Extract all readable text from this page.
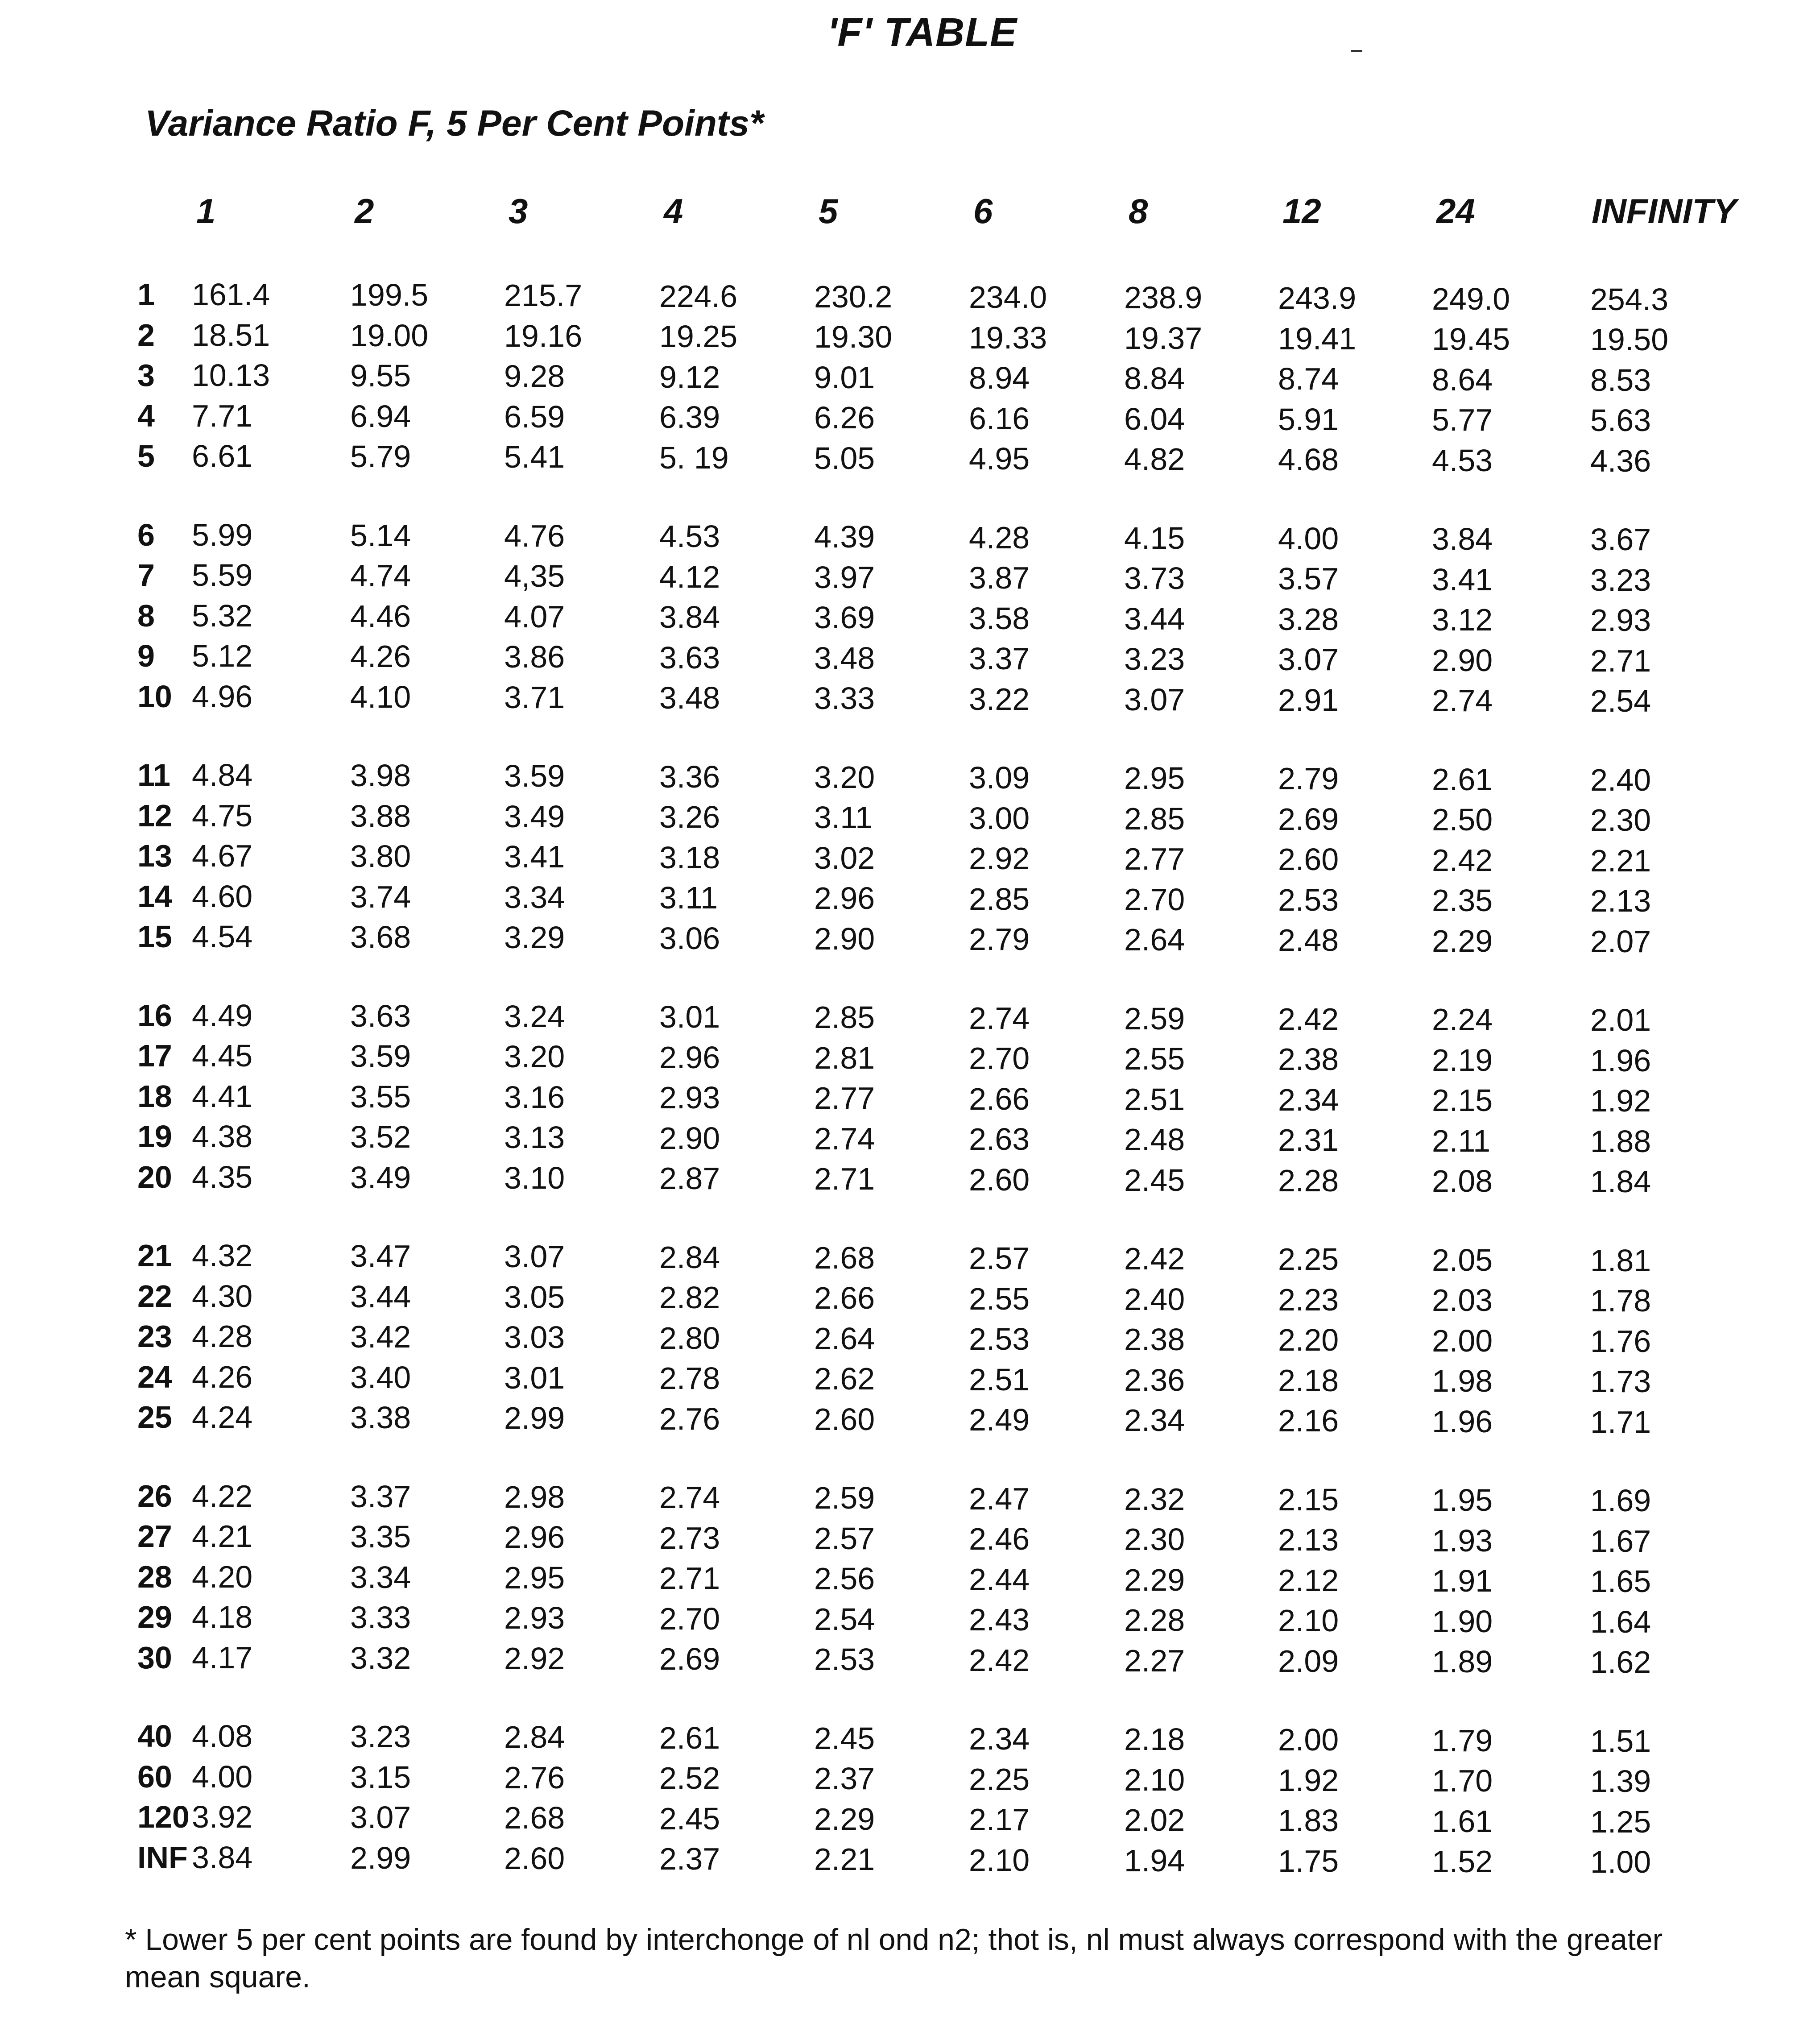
'F' TABLE
Variance Ratio F, 5 Per Cent Points*
1	2	3	4	5	6	8	12	24	INFINITY
1 161.4	199.5 215.7 224.6 230.2 234.0 238.9 243.9 249.0	254.3
2 18.51	19.00 19.16 19.25 19.30 19.33 19.37 19.41 19.45	19.50
3 10.13	9.55	9.28	9.12	9.01	8.94	8.84	8.74	8.64	8.53
4 7.71	6.94	6.59	6.39	6.26	6.16	6.04	5.91	5.77	5.63
5 6.61	5.79	5.41	5. 19	5.05	4.95	4.82	4.68	4.53	4.36
6 5.99	5.14	4.76	4.53	4.39	4.28	4.15	4.00	3.84	3.67
7 5.59	4.74	4,35	4.12	3.97	3.87	3.73	3.57	3.41	3.23
8 5.32	4.46	4.07	3.84	3.69	3.58	3.44	3.28	3.12	2.93
9 5.12	4.26	3.86	3.63	3.48	3.37	3.23	3.07	2.90	2.71
10 4.96	4.10	3.71	3.48	3.33	3.22	3.07	2.91	2.74	2.54
11 4.84	3.98	3.59	3.36	3.20	3.09	2.95	2.79	2.61	2.40
12 4.75	3.88	3.49	3.26	3.11	3.00	2.85	2.69	2.50	2.30
13 4.67	3.80	3.41	3.18	3.02	2.92	2.77	2.60	2.42	2.21
14 4.60	3.74	3.34	3.11	2.96	2.85	2.70	2.53	2.35	2.13
15 4.54	3.68	3.29	3.06	2.90	2.79	2.64	2.48	2.29	2.07
16 4.49	3.63	3.24	3.01	2.85	2.74	2.59	2.42	2.24	2.01
17 4.45	3.59	3.20	2.96	2.81	2.70	2.55	2.38	2.19	1.96
18 4.41	3.55	3.16	2.93	2.77	2.66	2.51	2.34	2.15	1.92
19 4.38	3.52	3.13	2.90	2.74	2.63	2.48	2.31	2.11	1.88
20 4.35	3.49	3.10	2.87	2.71	2.60	2.45	2.28	2.08	1.84
21 4.32	3.47	3.07	2.84	2.68	2.57	2.42	2.25	2.05	1.81
22 4.30	3.44	3.05	2.82	2.66	2.55	2.40	2.23	2.03	1.78
23 4.28	3.42	3.03	2.80	2.64	2.53	2.38	2.20	2.00	1.76
24 4.26	3.40	3.01	2.78	2.62	2.51	2.36	2.18	1.98	1.73
25 4.24	3.38	2.99	2.76	2.60	2.49	2.34	2.16	1.96	1.71
26 4.22	3.37	2.98	2.74	2.59	2.47	2.32	2.15	1.95	1.69
27 4.21	3.35	2.96	2.73	2.57	2.46	2.30	2.13	1.93	1.67
28 4.20	3.34	2.95	2.71	2.56	2.44	2.29	2.12	1.91	1.65
29 4.18	3.33	2.93	2.70	2.54	2.43	2.28	2.10	1.90	1.64
30 4.17	3.32	2.92	2.69	2.53	2.42	2.27	2.09	1.89	1.62
40 4.08	3.23	2.84	2.61	2.45	2.34	2.18	2.00	1.79	1.51
60 4.00	3.15	2.76	2.52	2.37	2.25	2.10	1.92	1.70	1.39
120 3.92	3.07	2.68	2.45	2.29	2.17	2.02	1.83	1.61	1.25
INF 3.84	2.99	2.60	2.37	2.21	2.10	1.94	1.75	1.52	1.00
* Lower 5 per cent points are found by interchonge of nl ond n2; thot is, nl must always correspond with the greater mean square.
